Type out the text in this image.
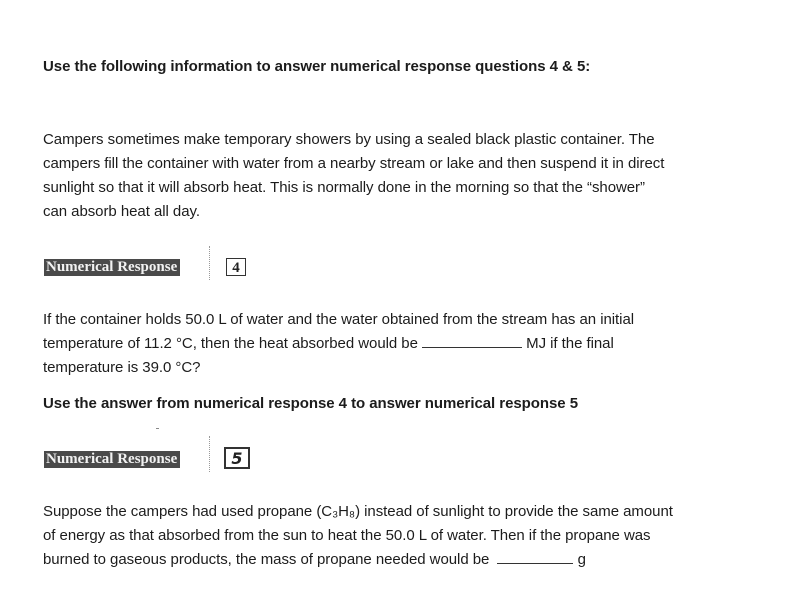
Use the following information to answer numerical response questions 4 & 5:
Campers sometimes make temporary showers by using a sealed black plastic container. The
campers fill the container with water from a nearby stream or lake and then suspend it in direct
sunlight so that it will absorb heat. This is normally done in the morning so that the “shower”
can absorb heat all day.
Numerical Response	4
If the container holds 50.0 L of water and the water obtained from the stream has an initial
temperature of 11.2 °C, then the heat absorbed would be	MJ if the final
temperature is 39.0 °C?
Use the answer from numerical response 4 to answer numerical response 5
Numerical Response	5
Suppose the campers had used propane (C₃H₈) instead of sunlight to provide the same amount
of energy as that absorbed from the sun to heat the 50.0 L of water. Then if the propane was
burned to gaseous products, the mass of propane needed would be	g
